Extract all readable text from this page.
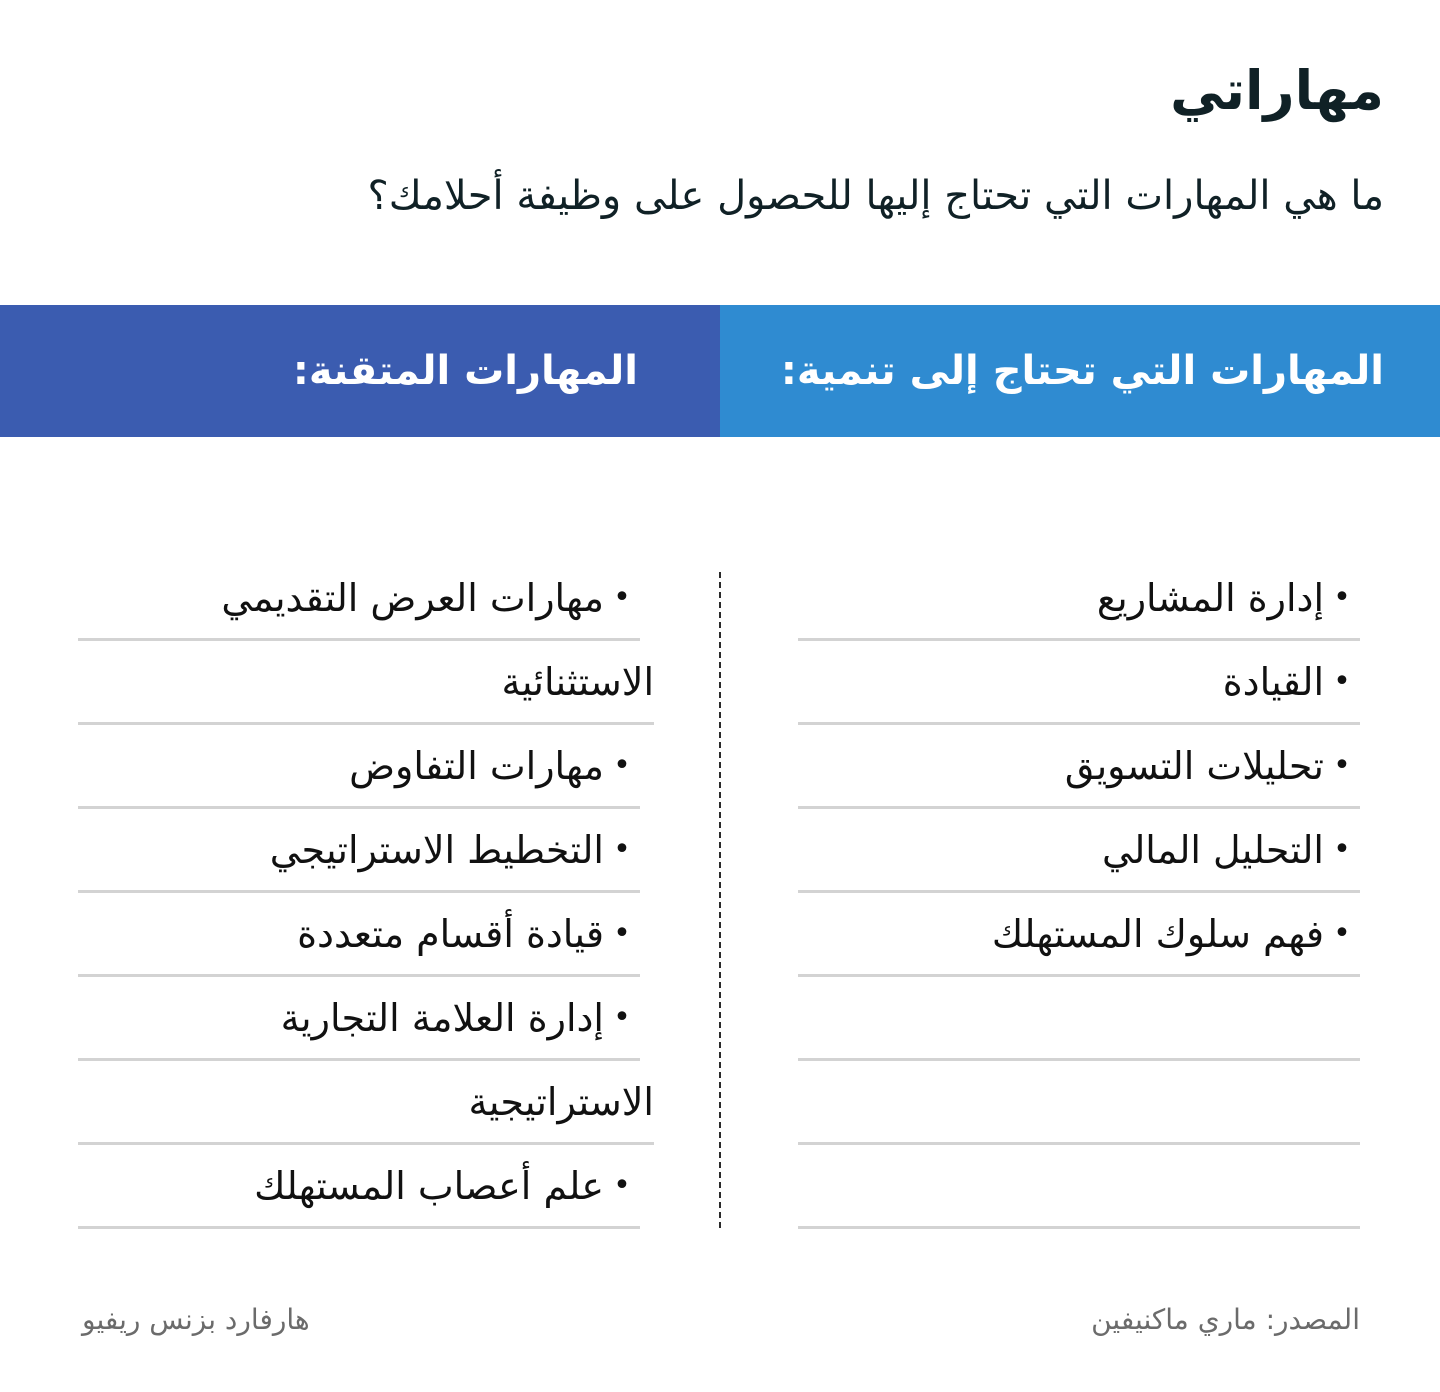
مهاراتي

ما هي المهارات التي تحتاج إليها للحصول على وظيفة أحلامك؟

المهارات التي تحتاج إلى تنمية:
المهارات المتقنة:
•
إدارة المشاريع
•
القيادة
•
تحليلات التسويق
•
التحليل المالي
•
فهم سلوك المستهلك
•
مهارات العرض التقديمي
الاستثنائية
•
مهارات التفاوض
•
التخطيط الاستراتيجي
•
قيادة أقسام متعددة
•
إدارة العلامة التجارية
الاستراتيجية
•
علم أعصاب المستهلك
المصدر: ماري ماكنيفين
هارفارد بزنس ريفيو
